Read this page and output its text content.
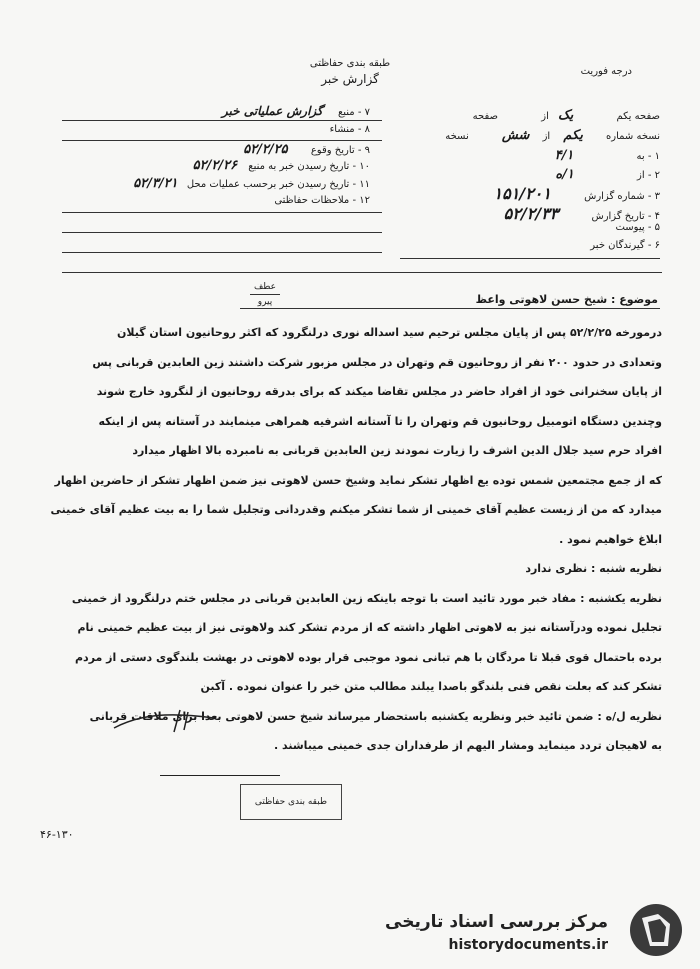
طبقه بندی حفاظتی
گزارش خبر
درجه فوریت
صفحه یکم یک از صفحه
نسخه شماره یکم از شش نسخه
۱ - به ۴/۱
۲ - از ۱/ه
۳ - شماره گزارش ۱۵۱/۲۰۱
۴ - تاریخ گزارش ۵۲/۲/۳۳
۵ - پیوست
۶ - گیرندگان خبر
۷ - منبع گزارش عملیاتی خبر
۸ - منشاء
۹ - تاریخ وقوع ۵۲/۲/۲۵
۱۰ - تاریخ رسیدن خبر به منبع ۵۲/۲/۲۶
۱۱ - تاریخ رسیدن خبر برحسب عملیات محل ۵۲/۳/۲۱
۱۲ - ملاحظات حفاظتی
عطف
پیرو	موضوع : شیخ حسن لاهوتی واعظ

درمورخه ۵۲/۲/۲۵ پس از پایان مجلس ترحیم سید اسداله نوری درلنگرود که اکثر روحانیون استان گیلان

وتعدادی در حدود ۲۰۰ نفر از روحانیون قم وتهران در مجلس مزبور شرکت داشتند زین العابدین قربانی پس

از پایان سخنرانی خود از افراد حاضر در مجلس تقاضا میکند که برای بدرقه روحانیون از لنگرود خارج شوند

وچندین دستگاه اتومبیل روحانیون قم وتهران را تا آستانه اشرفیه همراهی مینمایند در آستانه پس از اینکه

افراد حرم سید جلال الدین اشرف را زیارت نمودند زین العابدین قربانی به نامبرده بالا اظهار میدارد

که از جمع مجتمعین شمس توده یع اظهار تشکر نماید وشیخ حسن لاهوتی نیز ضمن اظهار تشکر از حاضرین اظهار

میدارد که من از زیست عظیم آقای خمینی از شما تشکر میکنم وقدردانی وتجلیل شما را به بیت عظیم آقای خمینی

ابلاغ خواهیم نمود .

نظریه شنبه : نظری ندارد

نظریه یکشنبه : مفاد خبر مورد تائید است با توجه باینکه زین العابدین قربانی در مجلس ختم درلنگرود از خمینی

تجلیل نموده ودرآستانه نیز به لاهوتی اظهار داشته که از مردم تشکر کند ولاهوتی نیز از بیت عظیم خمینی نام

برده باحتمال قوی قبلا تا مردگان با هم تبانی نمود موجبی قرار بوده لاهوتی در بهشت بلندگوی دستی از مردم

تشکر کند که بعلت نقص فنی بلندگو باصدا یبلند مطالب متن خبر را عنوان نموده . آکبن

نظریه ل/ه : ضمن تائید خبر ونظریه یکشنبه باستحضار میرساند شیخ حسن لاهوتی بعدا برای ملاقات قربانی

به لاهیجان تردد مینماید ومشار الیهم از طرفداران جدی خمینی میباشند .

طبقه بندی حفاظتی
۴۶-۱۳۰
مرکز بررسی اسناد تاریخی
historydocuments.ir
